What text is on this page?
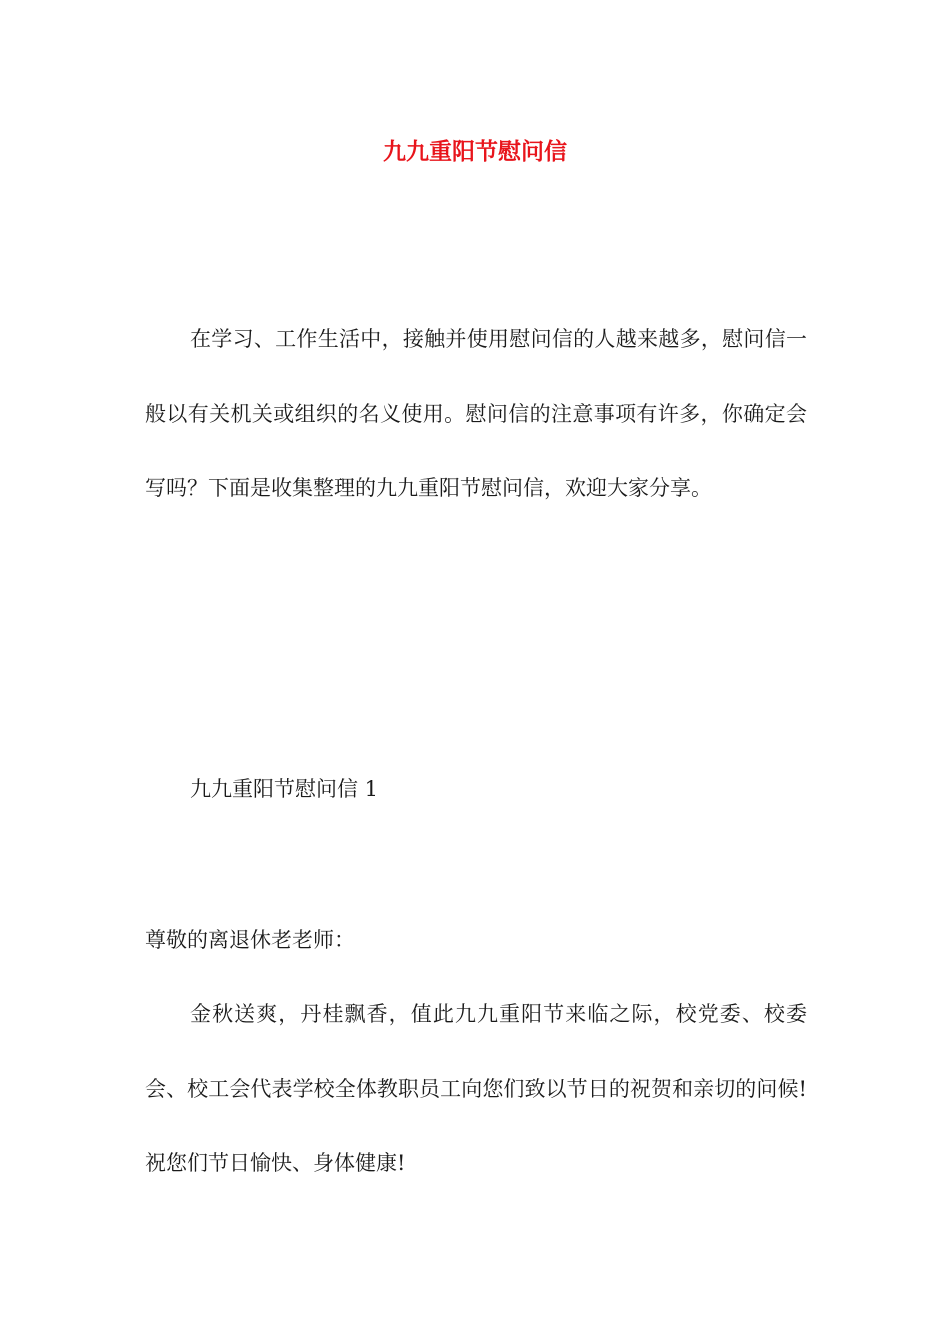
九九重阳节慰问信

在学习、工作生活中，接触并使用慰问信的人越来越多，慰问信一般以有关机关或组织的名义使用。慰问信的注意事项有许多，你确定会写吗？下面是收集整理的九九重阳节慰问信，欢迎大家分享。

九九重阳节慰问信 1

尊敬的离退休老老师：

金秋送爽，丹桂飘香，值此九九重阳节来临之际，校党委、校委会、校工会代表学校全体教职员工向您们致以节日的祝贺和亲切的问候!祝您们节日愉快、身体健康!
